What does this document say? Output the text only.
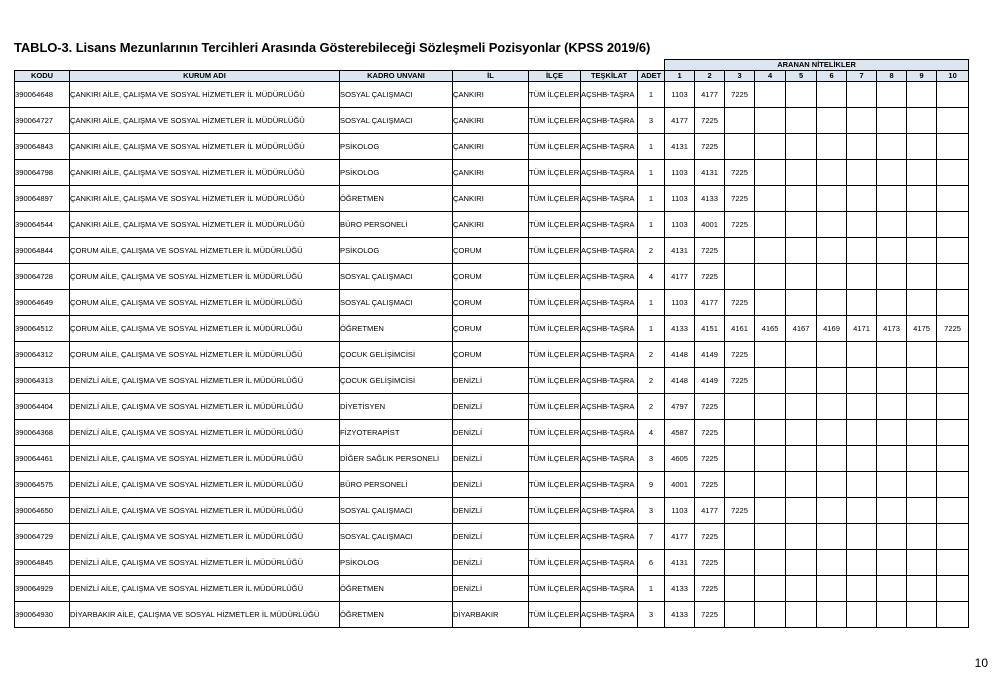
TABLO-3. Lisans Mezunlarının Tercihleri Arasında Gösterebileceği Sözleşmeli Pozisyonlar (KPSS 2019/6)
							ARANAN NİTELİKLER									
KODU	KURUM ADI	KADRO UNVANI	İL	İLÇE	TEŞKİLAT	ADET	1	2	3	4	5	6	7	8	9	10
390064648	ÇANKIRI AİLE, ÇALIŞMA VE SOSYAL HİZMETLER İL MÜDÜRLÜĞÜ	SOSYAL ÇALIŞMACI	ÇANKIRI	TÜM İLÇELER	AÇSHB-TAŞRA	1	1103	4177	7225							
390064727	ÇANKIRI AİLE, ÇALIŞMA VE SOSYAL HİZMETLER İL MÜDÜRLÜĞÜ	SOSYAL ÇALIŞMACI	ÇANKIRI	TÜM İLÇELER	AÇSHB-TAŞRA	3	4177	7225								
390064843	ÇANKIRI AİLE, ÇALIŞMA VE SOSYAL HİZMETLER İL MÜDÜRLÜĞÜ	PSİKOLOG	ÇANKIRI	TÜM İLÇELER	AÇSHB-TAŞRA	1	4131	7225								
390064798	ÇANKIRI AİLE, ÇALIŞMA VE SOSYAL HİZMETLER İL MÜDÜRLÜĞÜ	PSİKOLOG	ÇANKIRI	TÜM İLÇELER	AÇSHB-TAŞRA	1	1103	4131	7225							
390064897	ÇANKIRI AİLE, ÇALIŞMA VE SOSYAL HİZMETLER İL MÜDÜRLÜĞÜ	ÖĞRETMEN	ÇANKIRI	TÜM İLÇELER	AÇSHB-TAŞRA	1	1103	4133	7225							
390064544	ÇANKIRI AİLE, ÇALIŞMA VE SOSYAL HİZMETLER İL MÜDÜRLÜĞÜ	BÜRO PERSONELİ	ÇANKIRI	TÜM İLÇELER	AÇSHB-TAŞRA	1	1103	4001	7225							
390064844	ÇORUM AİLE, ÇALIŞMA VE SOSYAL HİZMETLER İL MÜDÜRLÜĞÜ	PSİKOLOG	ÇORUM	TÜM İLÇELER	AÇSHB-TAŞRA	2	4131	7225								
390064728	ÇORUM AİLE, ÇALIŞMA VE SOSYAL HİZMETLER İL MÜDÜRLÜĞÜ	SOSYAL ÇALIŞMACI	ÇORUM	TÜM İLÇELER	AÇSHB-TAŞRA	4	4177	7225								
390064649	ÇORUM AİLE, ÇALIŞMA VE SOSYAL HİZMETLER İL MÜDÜRLÜĞÜ	SOSYAL ÇALIŞMACI	ÇORUM	TÜM İLÇELER	AÇSHB-TAŞRA	1	1103	4177	7225							
390064512	ÇORUM AİLE, ÇALIŞMA VE SOSYAL HİZMETLER İL MÜDÜRLÜĞÜ	ÖĞRETMEN	ÇORUM	TÜM İLÇELER	AÇSHB-TAŞRA	1	4133	4151	4161	4165	4167	4169	4171	4173	4175	7225
390064312	ÇORUM AİLE, ÇALIŞMA VE SOSYAL HİZMETLER İL MÜDÜRLÜĞÜ	ÇOCUK GELİŞİMCİSİ	ÇORUM	TÜM İLÇELER	AÇSHB-TAŞRA	2	4148	4149	7225							
390064313	DENİZLİ AİLE, ÇALIŞMA VE SOSYAL HİZMETLER İL MÜDÜRLÜĞÜ	ÇOCUK GELİŞİMCİSİ	DENİZLİ	TÜM İLÇELER	AÇSHB-TAŞRA	2	4148	4149	7225							
390064404	DENİZLİ AİLE, ÇALIŞMA VE SOSYAL HİZMETLER İL MÜDÜRLÜĞÜ	DİYETİSYEN	DENİZLİ	TÜM İLÇELER	AÇSHB-TAŞRA	2	4797	7225								
390064368	DENİZLİ AİLE, ÇALIŞMA VE SOSYAL HİZMETLER İL MÜDÜRLÜĞÜ	FİZYOTERAPİST	DENİZLİ	TÜM İLÇELER	AÇSHB-TAŞRA	4	4587	7225								
390064461	DENİZLİ AİLE, ÇALIŞMA VE SOSYAL HİZMETLER İL MÜDÜRLÜĞÜ	DİĞER SAĞLIK PERSONELİ	DENİZLİ	TÜM İLÇELER	AÇSHB-TAŞRA	3	4605	7225								
390064575	DENİZLİ AİLE, ÇALIŞMA VE SOSYAL HİZMETLER İL MÜDÜRLÜĞÜ	BÜRO PERSONELİ	DENİZLİ	TÜM İLÇELER	AÇSHB-TAŞRA	9	4001	7225								
390064650	DENİZLİ AİLE, ÇALIŞMA VE SOSYAL HİZMETLER İL MÜDÜRLÜĞÜ	SOSYAL ÇALIŞMACI	DENİZLİ	TÜM İLÇELER	AÇSHB-TAŞRA	3	1103	4177	7225							
390064729	DENİZLİ AİLE, ÇALIŞMA VE SOSYAL HİZMETLER İL MÜDÜRLÜĞÜ	SOSYAL ÇALIŞMACI	DENİZLİ	TÜM İLÇELER	AÇSHB-TAŞRA	7	4177	7225								
390064845	DENİZLİ AİLE, ÇALIŞMA VE SOSYAL HİZMETLER İL MÜDÜRLÜĞÜ	PSİKOLOG	DENİZLİ	TÜM İLÇELER	AÇSHB-TAŞRA	6	4131	7225								
390064929	DENİZLİ AİLE, ÇALIŞMA VE SOSYAL HİZMETLER İL MÜDÜRLÜĞÜ	ÖĞRETMEN	DENİZLİ	TÜM İLÇELER	AÇSHB-TAŞRA	1	4133	7225								
390064930	DİYARBAKIR AİLE, ÇALIŞMA VE SOSYAL HİZMETLER İL MÜDÜRLÜĞÜ	ÖĞRETMEN	DİYARBAKIR	TÜM İLÇELER	AÇSHB-TAŞRA	3	4133	7225								
10
